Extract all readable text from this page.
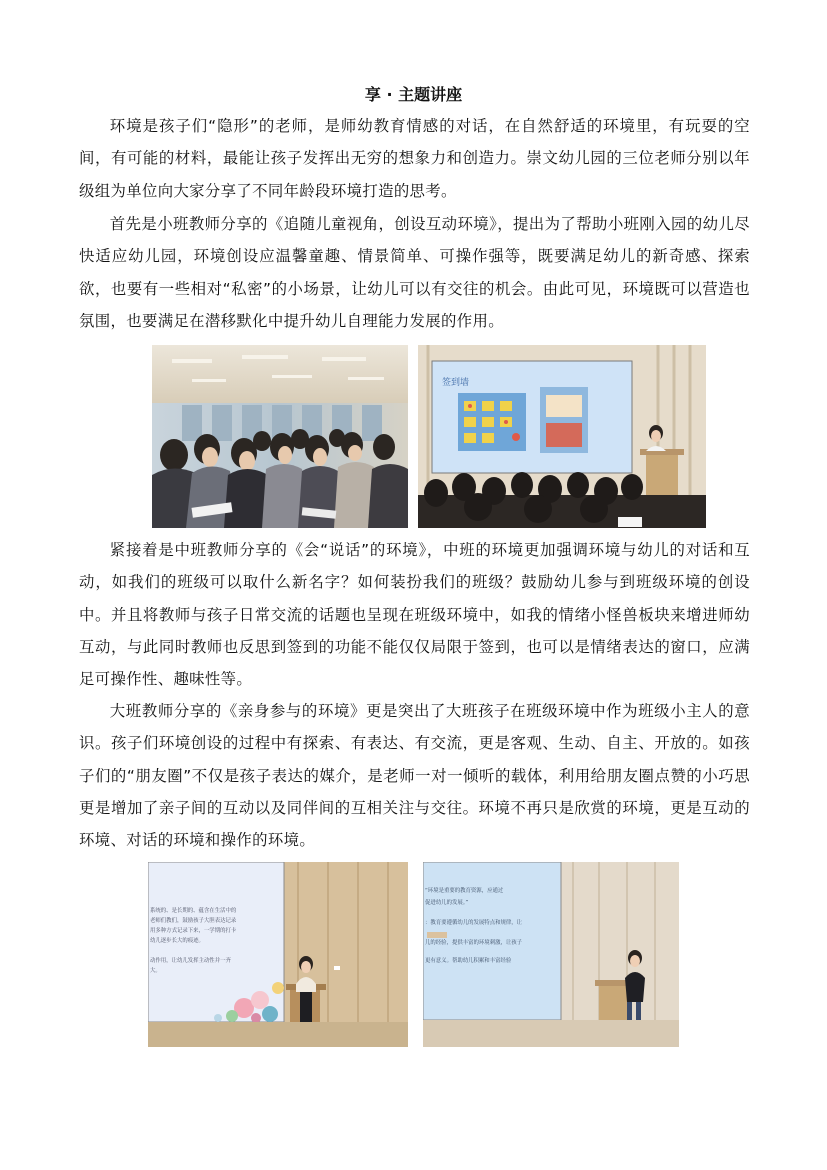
享 · 主题讲座

环境是孩子们“隐形”的老师，是师幼教育情感的对话，在自然舒适的环境里，有玩耍的空间，有可能的材料，最能让孩子发挥出无穷的想象力和创造力。崇文幼儿园的三位老师分别以年级组为单位向大家分享了不同年龄段环境打造的思考。

首先是小班教师分享的《追随儿童视角，创设互动环境》，提出为了帮助小班刚入园的幼儿尽快适应幼儿园，环境创设应温馨童趣、情景简单、可操作强等，既要满足幼儿的新奇感、探索欲，也要有一些相对“私密”的小场景，让幼儿可以有交往的机会。由此可见，环境既可以营造也氛围，也要满足在潜移默化中提升幼儿自理能力发展的作用。

签到墙

紧接着是中班教师分享的《会“说话”的环境》，中班的环境更加强调环境与幼儿的对话和互动，如我们的班级可以取什么新名字？如何装扮我们的班级？鼓励幼儿参与到班级环境的创设中。并且将教师与孩子日常交流的话题也呈现在班级环境中，如我的情绪小怪兽板块来增进师幼互动，与此同时教师也反思到签到的功能不能仅仅局限于签到，也可以是情绪表达的窗口，应满足可操作性、趣味性等。

大班教师分享的《亲身参与的环境》更是突出了大班孩子在班级环境中作为班级小主人的意识。孩子们环境创设的过程中有探索、有表达、有交流，更是客观、生动、自主、开放的。如孩子们的“朋友圈”不仅是孩子表达的媒介，是老师一对一倾听的载体，利用给朋友圈点赞的小巧思更是增加了亲子间的互动以及同伴间的互相关注与交往。环境不再只是欣赏的环境，更是互动的环境、对话的环境和操作的环境。

系统的、是长期的、蕴含在生活中的
老师们教们，鼓励孩子大胆表达记录
用多种方式记录下来，一学期的打卡
幼儿逐步长大的痕迹。
动作用，让幼儿发挥主动性并一齐
大。
“环境是重要的教育资源，应通过
促进幼儿的发展。”
：教育要遵循幼儿的发展特点和规律，让
儿的经验，提供丰富的环境刺激，让孩子
更有意义。帮助幼儿积累和丰富经验
